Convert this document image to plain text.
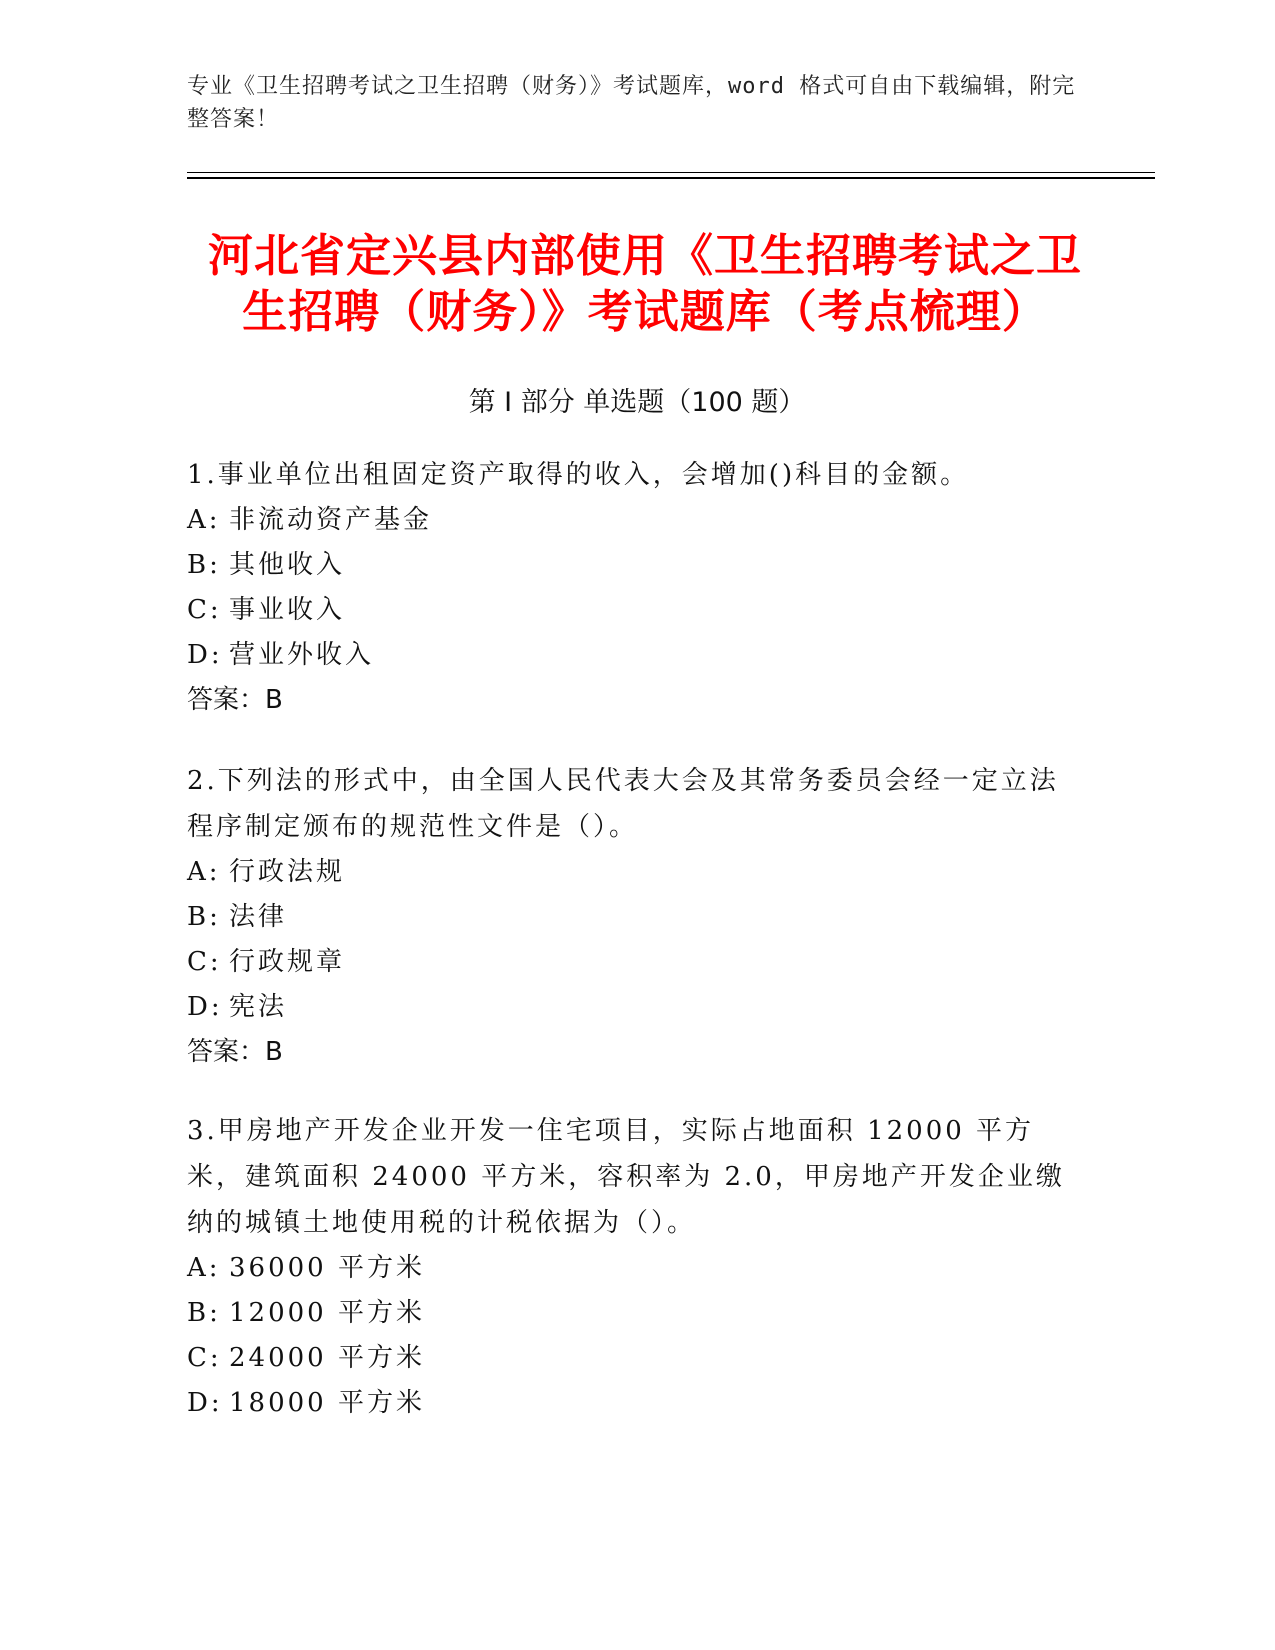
专业《卫生招聘考试之卫生招聘（财务）》考试题库，word 格式可自由下载编辑，附完整答案！
河北省定兴县内部使用《卫生招聘考试之卫
生招聘（财务）》考试题库（考点梳理）
第 I 部分 单选题（100 题）

1.事业单位出租固定资产取得的收入，会增加()科目的金额。

A: 非流动资产基金

B: 其他收入

C: 事业收入

D: 营业外收入

答案：B

2.下列法的形式中，由全国人民代表大会及其常务委员会经一定立法程序制定颁布的规范性文件是（）。

A: 行政法规

B: 法律

C: 行政规章

D: 宪法

答案：B

3.甲房地产开发企业开发一住宅项目，实际占地面积 12000 平方米，建筑面积 24000 平方米，容积率为 2.0，甲房地产开发企业缴纳的城镇土地使用税的计税依据为（）。

A: 36000 平方米

B: 12000 平方米

C: 24000 平方米

D: 18000 平方米
